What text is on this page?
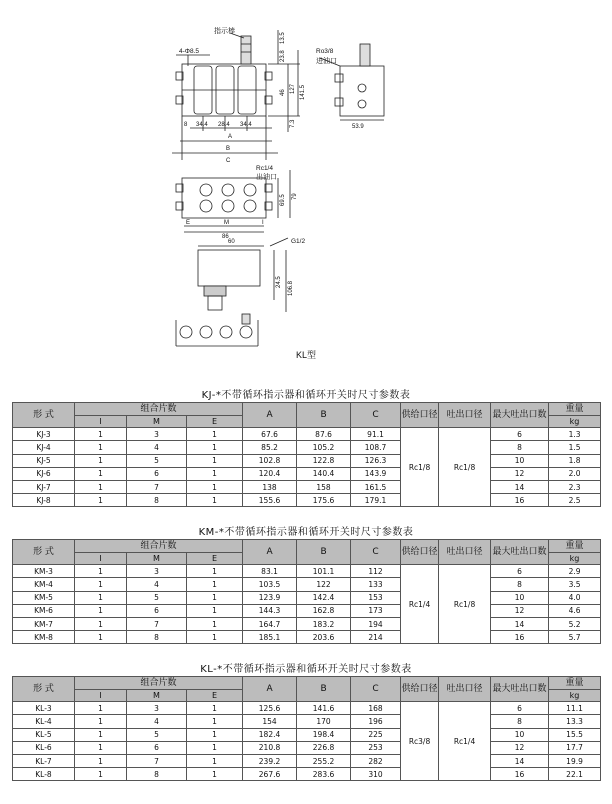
指示棒
4-Φ8.5	Ro3/8
进油口
Rc1/4
出油口
G1/2
13.5
23.8
127 141.5
46
7.3	53.9
8 34.4 28.4 34.4
A
B
C
69.5 79
E	I
M
86
60
24.5 106.8
KL型
KJ-*不带循环指示器和循环开关时尺寸参数表
形 式	组合片数			A	B	C	供给口径	吐出口径	最大吐出口数	重量
	I	M	E							kg
KJ-3	1	3	1	67.6	87.6	91.1	Rc1/8	Rc1/8	6	1.3
KJ-4	1	4	1	85.2	105.2	108.7			8	1.5
KJ-5	1	5	1	102.8	122.8	126.3			10	1.8
KJ-6	1	6	1	120.4	140.4	143.9			12	2.0
KJ-7	1	7	1	138	158	161.5			14	2.3
KJ-8	1	8	1	155.6	175.6	179.1			16	2.5
KM-*不带循环指示器和循环开关时尺寸参数表
形 式	组合片数			A	B	C	供给口径	吐出口径	最大吐出口数	重量
	I	M	E							kg
KM-3	1	3	1	83.1	101.1	112	Rc1/4	Rc1/8	6	2.9
KM-4	1	4	1	103.5	122	133			8	3.5
KM-5	1	5	1	123.9	142.4	153			10	4.0
KM-6	1	6	1	144.3	162.8	173			12	4.6
KM-7	1	7	1	164.7	183.2	194			14	5.2
KM-8	1	8	1	185.1	203.6	214			16	5.7
KL-*不带循环指示器和循环开关时尺寸参数表
形 式	组合片数			A	B	C	供给口径	吐出口径	最大吐出口数	重量
	I	M	E							kg
KL-3	1	3	1	125.6	141.6	168	Rc3/8	Rc1/4	6	11.1
KL-4	1	4	1	154	170	196			8	13.3
KL-5	1	5	1	182.4	198.4	225			10	15.5
KL-6	1	6	1	210.8	226.8	253			12	17.7
KL-7	1	7	1	239.2	255.2	282			14	19.9
KL-8	1	8	1	267.6	283.6	310			16	22.1
